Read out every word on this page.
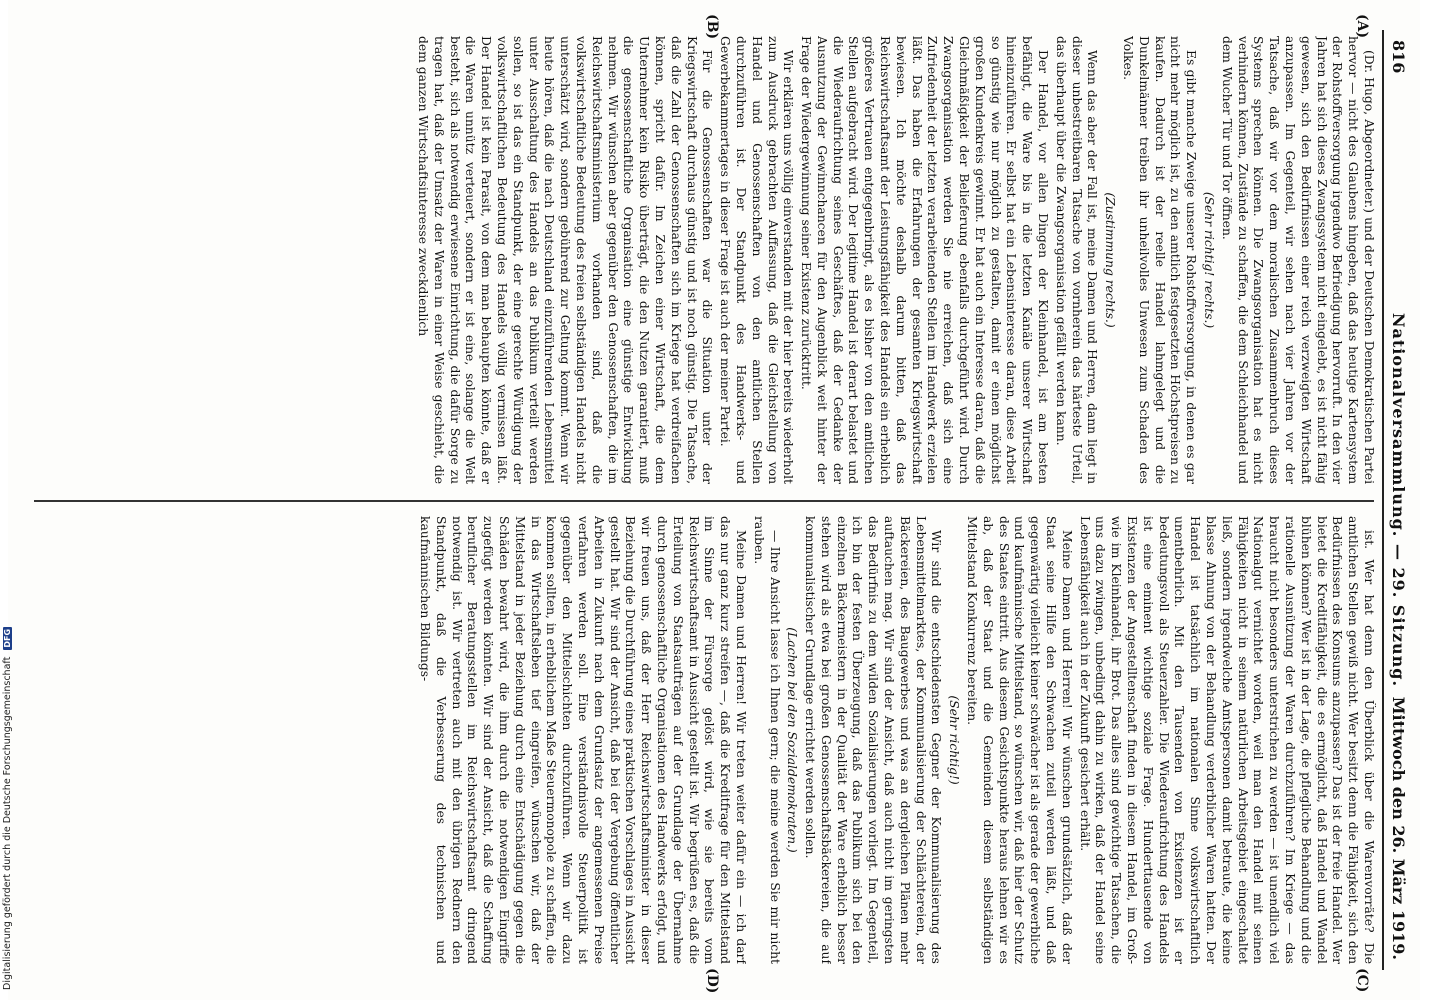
816
Nationalversammlung. — 29. Sitzung.
Mittwoch den 26. März 1919.
(A)
(B)
(C)
(D)

(Dr. Hugo, Abgeordneter.) und der Deutschen Demokratischen Partei hervor — nicht des Glaubens hingeben, daß das heutige Kartensystem der Rohstoffversorgung irgendwo Befriedigung hervorruft. In den vier Jahren hat sich dieses Zwangssystem nicht eingelebt, es ist nicht fähig gewesen, sich den Bedürfnissen einer reich verzweigten Wirtschaft anzupassen. Im Gegenteil, wir sehen nach vier Jahren vor der Tatsache, daß wir vor dem moralischen Zusammenbruch dieses Systems sprechen können. Die Zwangsorganisation hat es nicht verhindern können, Zustände zu schaffen, die dem Schleichhandel und dem Wucher Tür und Tor öffnen.

(Sehr richtig! rechts.)

Es gibt manche Zweige unserer Rohstoffversorgung, in denen es gar nicht mehr möglich ist, zu den amtlich festgesetzten Höchstpreisen zu kaufen. Dadurch ist der reelle Handel lahmgelegt und die Dunkelmänner treiben ihr unheilvolles Unwesen zum Schaden des Volkes.

(Zustimmung rechts.)

Wenn das aber der Fall ist, meine Damen und Herren, dann liegt in dieser unbestreitbaren Tatsache von vornherein das härteste Urteil, das überhaupt über die Zwangsorganisation gefällt werden kann.

Der Handel, vor allen Dingen der Kleinhandel, ist am besten befähigt, die Ware bis in die letzten Kanäle unserer Wirtschaft hineinzuführen. Er selbst hat ein Lebensinteresse daran, diese Arbeit so günstig wie nur möglich zu gestalten, damit er einen möglichst großen Kundenkreis gewinnt. Er hat auch ein Interesse daran, daß die Gleichmäßigkeit der Belieferung ebenfalls durchgeführt wird. Durch Zwangsorganisation werden Sie nie erreichen, daß sich eine Zufriedenheit der letzten verarbeitenden Stellen im Handwerk erzielen läßt. Das haben die Erfahrungen der gesamten Kriegswirtschaft bewiesen. Ich möchte deshalb darum bitten, daß das Reichswirtschaftsamt der Leistungsfähigkeit des Handels ein erheblich größeres Vertrauen entgegenbringt, als es bisher von den amtlichen Stellen aufgebracht wird. Der legitime Handel ist derart belastet und die Wiederaufrichtung seines Geschäftes, daß der Gedanke der Ausnutzung der Gewinnchancen für den Augenblick weit hinter der Frage der Wiedergewinnung seiner Existenz zurücktritt.

Wir erklären uns völlig einverstanden mit der hier bereits wiederholt zum Ausdruck gebrachten Auffassung, daß die Gleichstellung von Handel und Genossenschaften von den amtlichen Stellen durchzuführen ist. Der Standpunkt des Handwerks- und Gewerbekammertages in dieser Frage ist auch der meiner Partei.

Für die Genossenschaften war die Situation unter der Kriegswirtschaft durchaus günstig und ist noch günstig. Die Tatsache, daß die Zahl der Genossenschaften sich im Kriege hat verdreifachen können, spricht dafür. Im Zeichen einer Wirtschaft, die dem Unternehmer kein Risiko überträgt, die den Nutzen garantiert, muß die genossenschaftliche Organisation eine günstige Entwicklung nehmen. Wir wünschen aber gegenüber den Genossenschaften, die im Reichswirtschaftsministerium vorhanden sind, daß die volkswirtschaftliche Bedeutung des freien selbständigen Handels nicht unterschätzt wird, sondern gebührend zur Geltung kommt. Wenn wir heute hören, daß die nach Deutschland einzuführenden Lebensmittel unter Ausschaltung des Handels an das Publikum verteilt werden sollen, so ist das ein Standpunkt, der eine gerechte Würdigung der volkswirtschaftlichen Bedeutung des Handels völlig vermissen läßt. Der Handel ist kein Parasit, von dem man behaupten könnte, daß er die Waren unnütz verteuert, sondern er ist eine, solange die Welt besteht, sich als notwendig erwiesene Einrichtung, die dafür Sorge zu tragen hat, daß der Umsatz der Waren in einer Weise geschieht, die dem ganzen Wirtschaftsinteresse zweckdienlich

ist. Wer hat denn den Überblick über die Warenvorräte? Die amtlichen Stellen gewiß nicht. Wer besitzt denn die Fähigkeit, sich den Bedürfnissen des Konsums anzupassen? Das ist der freie Handel. Wer bietet die Kreditfähigkeit, die es ermöglicht, daß Handel und Wandel blühen können? Wer ist in der Lage, die pflegliche Behandlung und die rationelle Ausnützung der Waren durchzuführen? Im Kriege — das braucht nicht besonders unterstrichen zu werden — ist unendlich viel Nationalgut vernichtet worden, weil man den Handel mit seinen Fähigkeiten nicht in seinem natürlichen Arbeitsgebiet eingeschaltet ließ, sondern irgendwelche Amtspersonen damit betraute, die keine blasse Ahnung von der Behandlung verderblicher Waren hatten. Der Handel ist tatsächlich im nationalen Sinne volkswirtschaftlich unentbehrlich. Mit den Tausenden von Existenzen ist er bedeutungsvoll als Steuerzahler. Die Wiederaufrichtung des Handels ist eine eminent wichtige soziale Frage. Hunderttausende von Existenzen der Angestelltenschaft finden in diesem Handel, im Groß- wie im Kleinhandel, ihr Brot. Das alles sind gewichtige Tatsachen, die uns dazu zwingen, unbedingt dahin zu wirken, daß der Handel seine Lebensfähigkeit auch in der Zukunft gesichert erhält.

Meine Damen und Herren! Wir wünschen grundsätzlich, daß der Staat seine Hilfe den Schwachen zuteil werden läßt, und daß gegenwärtig vielleicht keiner schwächer ist als gerade der gewerbliche und kaufmännische Mittelstand, so wünschen wir, daß hier der Schutz des Staates eintritt. Aus diesem Gesichtspunkte heraus lehnen wir es ab, daß der Staat und die Gemeinden diesem selbständigen Mittelstand Konkurrenz bereiten.

(Sehr richtig!)

Wir sind die entschiedensten Gegner der Kommunalisierung des Lebensmittelmarktes, der Kommunalisierung der Schlächtereien, der Bäckereien, des Baugewerbes und was an dergleichen Plänen mehr auftauchen mag. Wir sind der Ansicht, daß auch nicht im geringsten das Bedürfnis zu dem wilden Sozialisierungen vorliegt. Im Gegenteil, ich bin der festen Überzeugung, daß das Publikum sich bei den einzelnen Bäckermeistern in der Qualität der Ware erheblich besser stehen wird als etwa bei großen Genossenschaftsbäckereien, die auf kommunalistischer Grundlage errichtet werden sollen.

(Lachen bei den Sozialdemokraten.)

— Ihre Ansicht lasse ich Ihnen gern; die meine werden Sie mir nicht rauben.

Meine Damen und Herren! Wir treten weiter dafür ein — ich darf das nur ganz kurz streifen —, daß die Kreditfrage für den Mittelstand im Sinne der Fürsorge gelöst wird, wie sie bereits vom Reichswirtschaftsamt in Aussicht gestellt ist. Wir begrüßen es, daß die Erteilung von Staatsaufträgen auf der Grundlage der Übernahme durch genossenschaftliche Organisationen des Handwerks erfolgt, und wir freuen uns, daß der Herr Reichswirtschaftsminister in dieser Beziehung die Durchführung eines praktischen Vorschlages in Aussicht gestellt hat. Wir sind der Ansicht, daß bei der Vergebung öffentlicher Arbeiten in Zukunft nach dem Grundsatz der angemessenen Preise verfahren werden soll. Eine verständnisvolle Steuerpolitik ist gegenüber den Mittelschichten durchzuführen. Wenn wir dazu kommen sollten, in erheblichem Maße Steuermonopole zu schaffen, die in das Wirtschaftsleben tief eingreifen, wünschen wir, daß der Mittelstand in jeder Beziehung durch eine Entschädigung gegen die Schäden bewahrt wird, die ihm durch die notwendigen Eingriffe zugefügt werden könnten. Wir sind der Ansicht, daß die Schaffung beruflicher Beratungsstellen im Reichswirtschaftsamt dringend notwendig ist. Wir vertreten auch mit den übrigen Rednern den Standpunkt, daß die Verbesserung des technischen und kaufmännischen Bildungs-

Digitalisierung gefördert durch die Deutsche Forschungsgemeinschaft DFG
